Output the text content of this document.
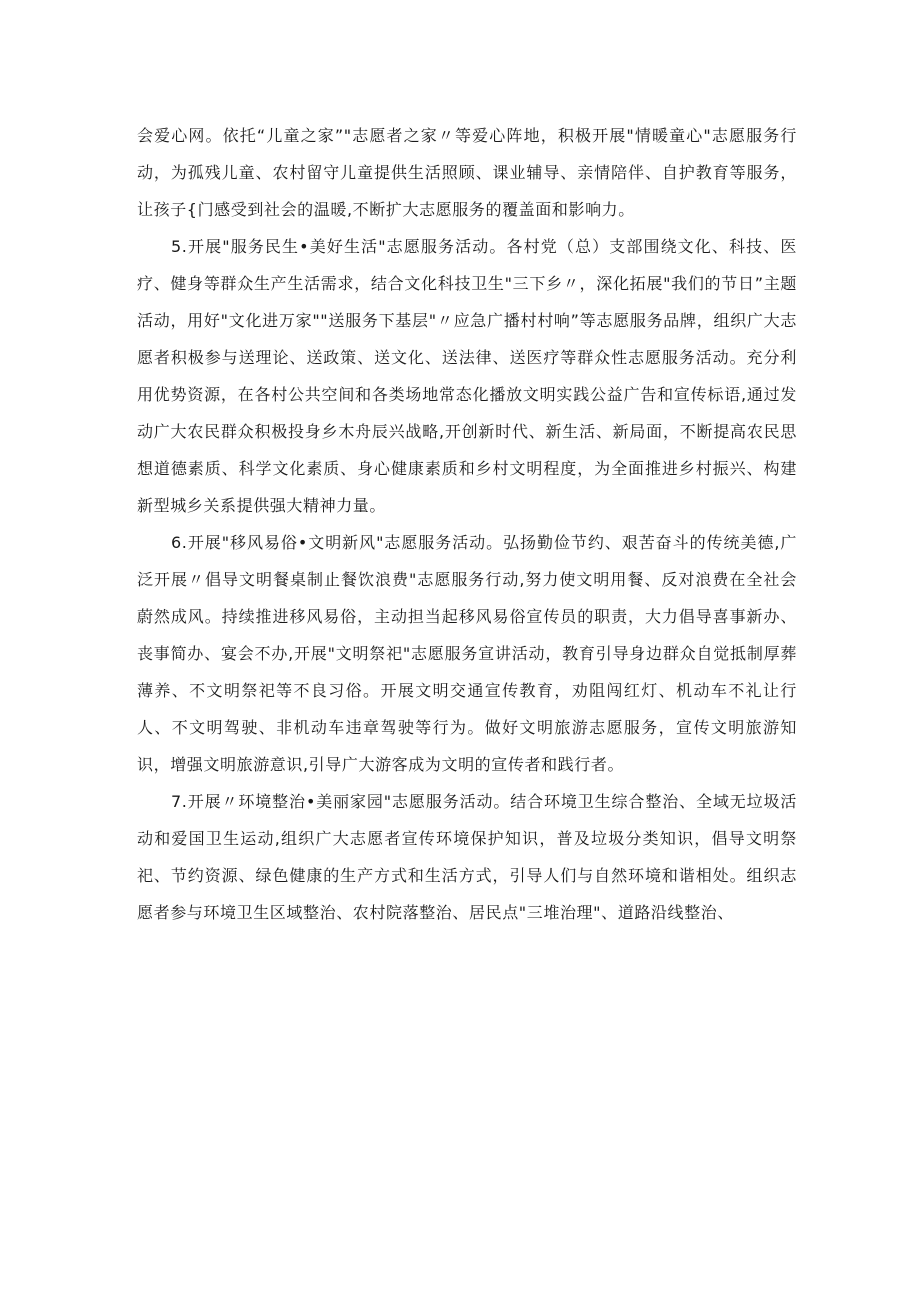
会爱心网。依托“儿童之家”"志愿者之家〃等爱心阵地，积极开展"情暖童心"志愿服务行动，为孤残儿童、农村留守儿童提供生活照顾、课业辅导、亲情陪伴、自护教育等服务，让孩子{门感受到社会的温暖,不断扩大志愿服务的覆盖面和影响力。

5.开展"服务民生•美好生活"志愿服务活动。各村党（总）支部围绕文化、科技、医疗、健身等群众生产生活需求，结合文化科技卫生"三下乡〃，深化拓展"我们的节日”主题活动，用好"文化进万家""送服务下基层"〃应急广播村村响”等志愿服务品牌，组织广大志愿者积极参与送理论、送政策、送文化、送法律、送医疗等群众性志愿服务活动。充分利用优势资源，在各村公共空间和各类场地常态化播放文明实践公益广告和宣传标语,通过发动广大农民群众积极投身乡木舟辰兴战略,开创新时代、新生活、新局面，不断提高农民思想道德素质、科学文化素质、身心健康素质和乡村文明程度，为全面推进乡村振兴、构建新型城乡关系提供强大精神力量。

6.开展"移风易俗•文明新风"志愿服务活动。弘扬勤俭节约、艰苦奋斗的传统美德,广泛开展〃倡导文明餐桌制止餐饮浪费"志愿服务行动,努力使文明用餐、反对浪费在全社会蔚然成风。持续推进移风易俗，主动担当起移风易俗宣传员的职责，大力倡导喜事新办、丧事简办、宴会不办,开展"文明祭祀"志愿服务宣讲活动，教育引导身边群众自觉抵制厚葬薄养、不文明祭祀等不良习俗。开展文明交通宣传教育，劝阻闯红灯、机动车不礼让行人、不文明驾驶、非机动车违章驾驶等行为。做好文明旅游志愿服务，宣传文明旅游知识，增强文明旅游意识,引导广大游客成为文明的宣传者和践行者。

7.开展〃环境整治•美丽家园"志愿服务活动。结合环境卫生综合整治、全域无垃圾活动和爱国卫生运动,组织广大志愿者宣传环境保护知识，普及垃圾分类知识，倡导文明祭祀、节约资源、绿色健康的生产方式和生活方式，引导人们与自然环境和谐相处。组织志愿者参与环境卫生区域整治、农村院落整治、居民点"三堆治理"、道路沿线整治、
